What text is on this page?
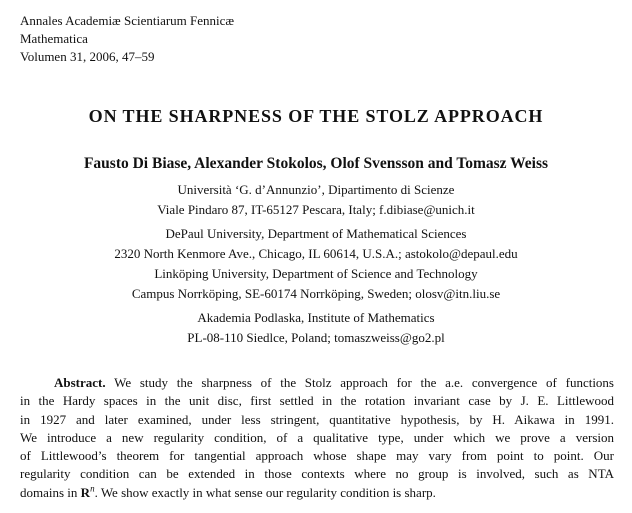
Annales Academiæ Scientiarum Fennicæ
Mathematica
Volumen 31, 2006, 47–59
ON THE SHARPNESS OF THE STOLZ APPROACH
Fausto Di Biase, Alexander Stokolos, Olof Svensson and Tomasz Weiss
Università ‘G. d’Annunzio’, Dipartimento di Scienze
Viale Pindaro 87, IT-65127 Pescara, Italy; f.dibiase@unich.it
DePaul University, Department of Mathematical Sciences
2320 North Kenmore Ave., Chicago, IL 60614, U.S.A.; astokolo@depaul.edu
Linköping University, Department of Science and Technology
Campus Norrköping, SE-60174 Norrköping, Sweden; olosv@itn.liu.se
Akademia Podlaska, Institute of Mathematics
PL-08-110 Siedlce, Poland; tomaszweiss@go2.pl
Abstract. We study the sharpness of the Stolz approach for the a.e. convergence of functions
in the Hardy spaces in the unit disc, first settled in the rotation invariant case by J. E. Littlewood
in 1927 and later examined, under less stringent, quantitative hypothesis, by H. Aikawa in 1991.
We introduce a new regularity condition, of a qualitative type, under which we prove a version
of Littlewood’s theorem for tangential approach whose shape may vary from point to point. Our
regularity condition can be extended in those contexts where no group is involved, such as NTA
domains in $R^n$. We show exactly in what sense our regularity condition is sharp.
